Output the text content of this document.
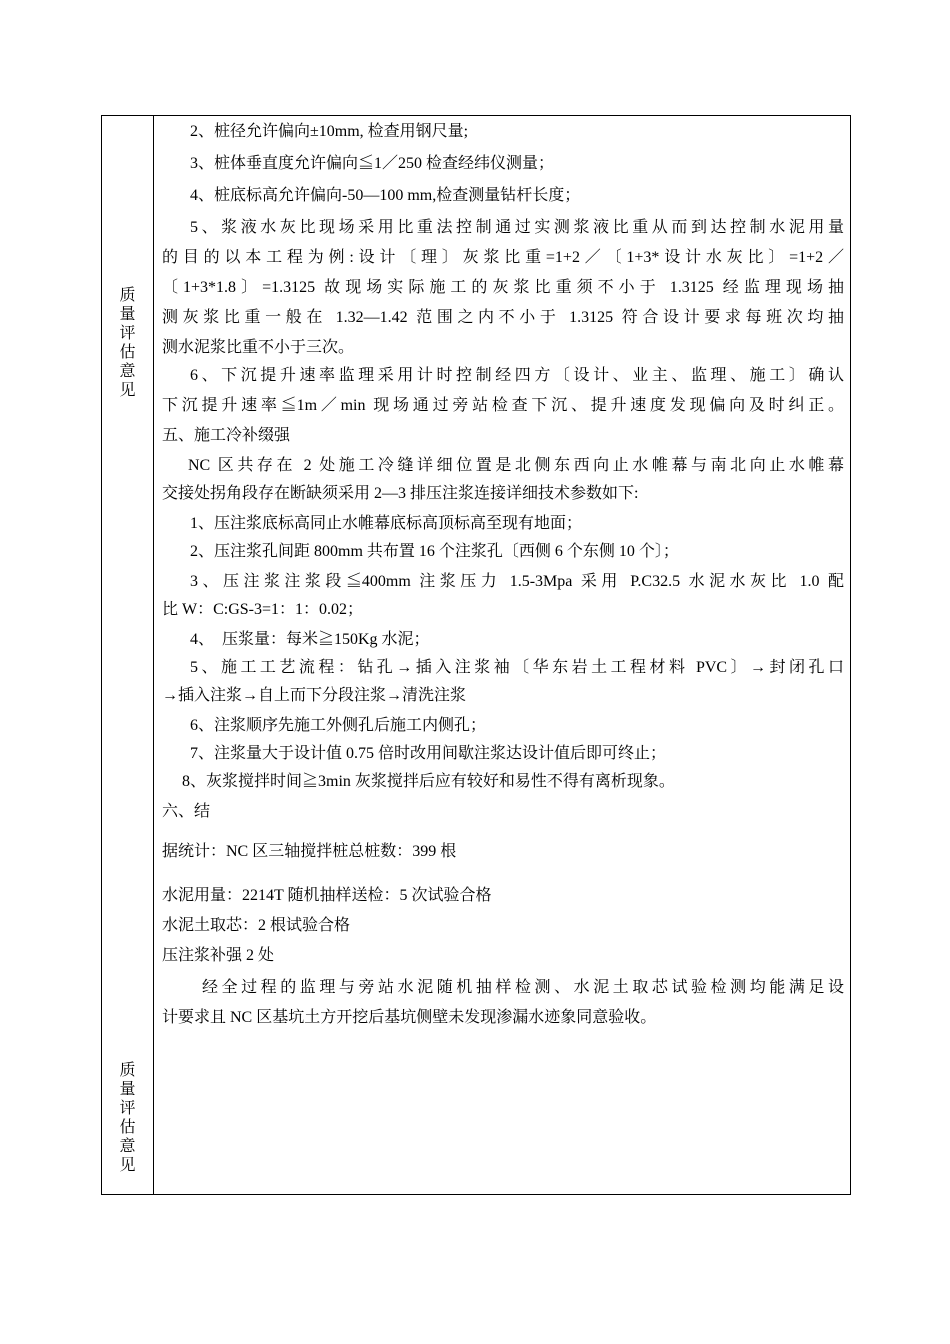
质
量
评
估
意
见
质
量
评
估
意
见
2、桩径允许偏向±10mm, 检查用钢尺量;
3、桩体垂直度允许偏向≦1／250 检查经纬仪测量；
4、桩底标高允许偏向-50—100 mm,检查测量钻杆长度；
5、浆液水灰比现场采用比重法控制通过实测浆液比重从而到达控制水泥用量
的目的以本工程为例:设计〔理〕灰浆比重=1+2／〔1+3*设计水灰比〕=1+2／
〔1+3*1.8〕=1.3125 故现场实际施工的灰浆比重须不小于 1.3125 经监理现场抽
测灰浆比重一般在 1.32—1.42 范围之内不小于 1.3125 符合设计要求每班次均抽
测水泥浆比重不小于三次。
6、下沉提升速率监理采用计时控制经四方〔设计、业主、监理、施工〕确认
下沉提升速率≦1m／min 现场通过旁站检查下沉、提升速度发现偏向及时纠正。
五、施工冷补缀强
NC 区共存在 2 处施工冷缝详细位置是北侧东西向止水帷幕与南北向止水帷幕
交接处拐角段存在断缺须采用 2—3 排压注浆连接详细技术参数如下:
1、压注浆底标高同止水帷幕底标高顶标高至现有地面；
2、压注浆孔间距 800mm 共布置 16 个注浆孔〔西侧 6 个东侧 10 个〕；
3、压注浆注浆段≦400mm 注浆压力 1.5-3Mpa 采用 P.C32.5 水泥水灰比 1.0 配
比 W：C:GS-3=1：1：0.02；
4、　压浆量：每米≧150Kg 水泥；
5、施工工艺流程：钻孔→插入注浆袖〔华东岩土工程材料 PVC〕→封闭孔口
→插入注浆→自上而下分段注浆→清洗注浆
6、注浆顺序先施工外侧孔后施工内侧孔；
7、注浆量大于设计值 0.75 倍时改用间歇注浆达设计值后即可终止；
8、灰浆搅拌时间≧3min 灰浆搅拌后应有较好和易性不得有离析现象。
六、结
据统计：NC 区三轴搅拌桩总桩数：399 根
水泥用量：2214T 随机抽样送检：5 次试验合格
水泥土取芯：2 根试验合格
压注浆补强 2 处
经全过程的监理与旁站水泥随机抽样检测、水泥土取芯试验检测均能满足设
计要求且 NC 区基坑土方开挖后基坑侧壁未发现渗漏水迹象同意验收。
